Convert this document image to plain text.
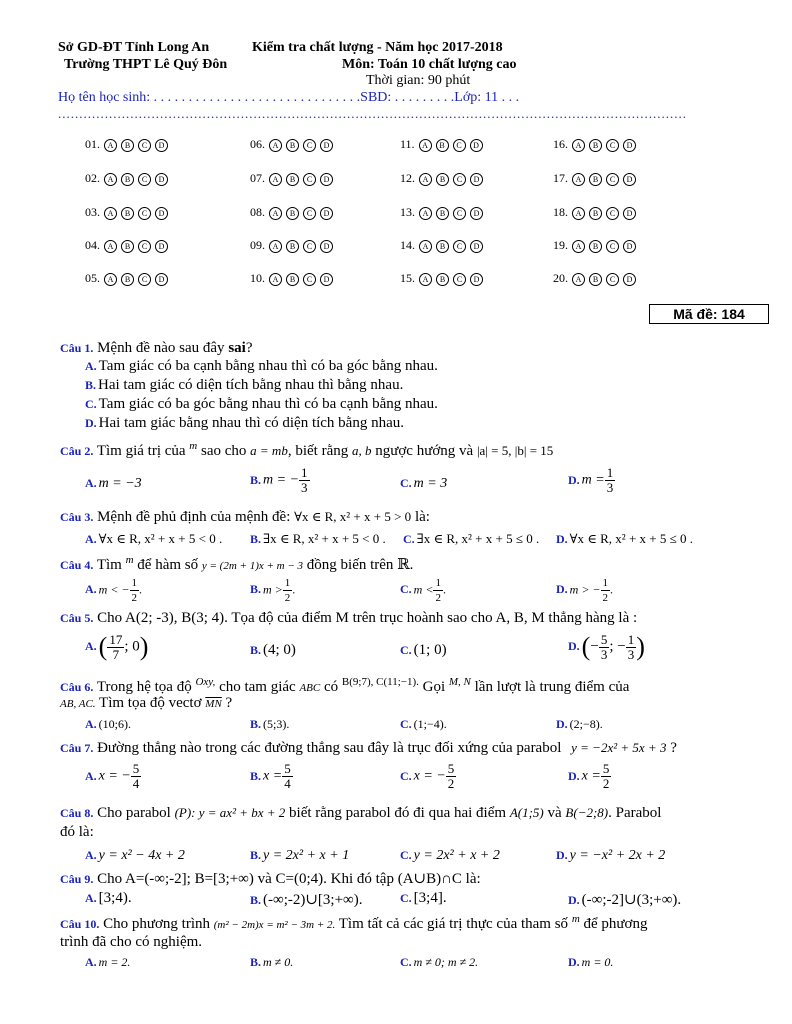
Sở GD-ĐT Tỉnh Long An
Trường THPT Lê Quý Đôn
Kiểm tra chất lượng - Năm học 2017-2018
Môn: Toán 10 chất lượng cao
Thời gian: 90 phút
Họ tên học sinh: . . . . . . . . . . . . . . . . . . . . . . . . . . . . . .SBD: . . . . . . . . .Lớp: 11 . . .
....................................................................................................................................................
01. A B C D	06. A B C D	11. A B C D	16. A B C D
02. A B C D	07. A B C D	12. A B C D	17. A B C D
03. A B C D	08. A B C D	13. A B C D	18. A B C D
04. A B C D	09. A B C D	14. A B C D	19. A B C D
05. A B C D	10. A B C D	15. A B C D	20. A B C D
Mã đề: 184
Câu 1. Mệnh đề nào sau đây sai?
A. Tam giác có ba cạnh bằng nhau thì có ba góc bằng nhau.
B. Hai tam giác có diện tích bằng nhau thì bằng nhau.
C. Tam giác có ba góc bằng nhau thì có ba cạnh bằng nhau.
D. Hai tam giác bằng nhau thì có diện tích bằng nhau.
Câu 2. Tìm giá trị của $^m$ sao cho a = mb, biết rằng a, b ngược hướng và |a| = 5, |b| = 15
A. m = −3	B. m = − $\frac{1}{3}$	C. m = 3	D. $m = \frac{1}{3}$
Câu 3. Mệnh đề phủ định của mệnh đề: ∀x ∈ R, x² + x + 5 > 0 là:
A. ∀x ∈ R, x² + x + 5 < 0 . B. ∃x ∈ R, x² + x + 5 < 0 . C. ∃x ∈ R, x² + x + 5 ≤ 0 . D. ∀x ∈ R, x² + x + 5 ≤ 0 .
Câu 4. Tìm $^m$ để hàm số y = (2m + 1)x + m − 3 đồng biến trên ℝ.
A. m < − $\frac{1}{2}$ .	B. $m > \frac{1}{2}$ .	C. $m < \frac{1}{2}$ .	D. m > − $\frac{1}{2}$ .
Câu 5. Cho A(2; -3), B(3; 4). Tọa độ của điểm M trên trục hoành sao cho A, B, M thẳng hàng là :
$A.( \frac{17}{7}$ ; 0)	B. (4; 0)	C. (1; 0)	$D.(- \frac{5}{3}$ ; − $\frac{1}{3}$ )
Câu 6. Trong hệ tọa độ $^{Oxy,}$ cho tam giác ABC có $^{B(9;7), C(11;-1).}$ Gọi $^{M, N}$ lần lượt là trung điểm của
AB, AC. Tìm tọa độ vectơ $\overline{MN}$ ?
A. (10;6).	B. (5;3).	C. (1;−4).	D. (2;−8).
Câu 7. Đường thẳng nào trong các đường thẳng sau đây là trục đối xứng của parabol y = −2x² + 5x + 3 ?
A. x = − $\frac{5}{4}$	B. $x = \frac{5}{4}$	C. x = − $\frac{5}{2}$	D. $x = \frac{5}{2}$
Câu 8. Cho parabol (P): y = ax² + bx + 2 biết rằng parabol đó đi qua hai điểm A(1;5) và B(−2;8). Parabol
đó là:
A. y = x² − 4x + 2	B. y = 2x² + x + 1	C. y = 2x² + x + 2	D. y = −x² + 2x + 2
Câu 9. Cho A=(-∞;-2]; B=[3;+∞) và C=(0;4). Khi đó tập (A∪B)∩C là:
A. [3;4).	B. (-∞;-2)∪[3;+∞).	C. [3;4].	D. (-∞;-2]∪(3;+∞).
Câu 10. Cho phương trình (m² − 2m)x = m² − 3m + 2. Tìm tất cả các giá trị thực của tham số $^m$ để phương
trình đã cho có nghiệm.
A. m = 2.	B. m ≠ 0.	C. m ≠ 0; m ≠ 2.	D. m = 0.
